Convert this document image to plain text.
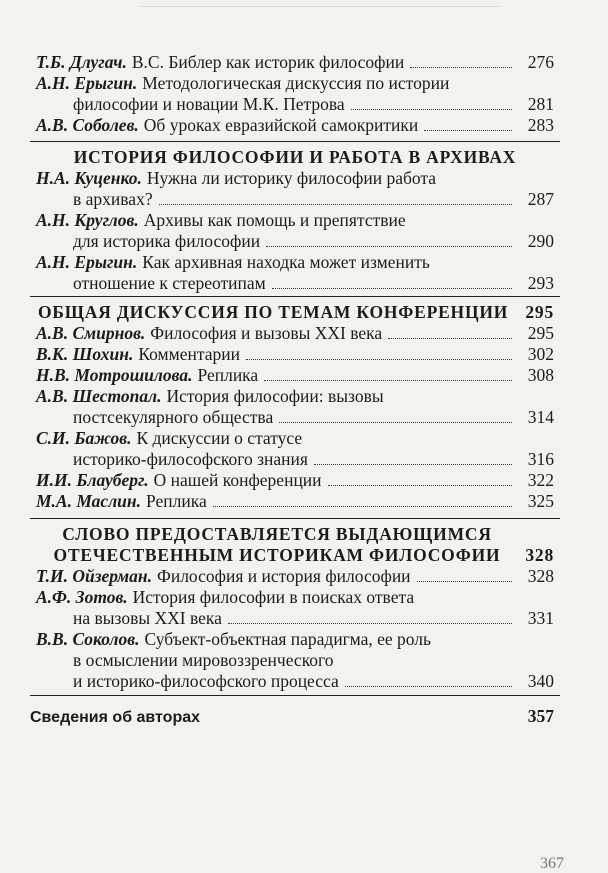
Т.Б. Длугач. В.С. Библер как историк философии	276
А.Н. Ерыгин. Методологическая дискуссия по истории
философии и новации М.К. Петрова	281
А.В. Соболев. Об уроках евразийской самокритики	283
ИСТОРИЯ ФИЛОСОФИИ И РАБОТА В АРХИВАХ
Н.А. Куценко. Нужна ли историку философии работа
в архивах?	287
А.Н. Круглов. Архивы как помощь и препятствие
для историка философии	290
А.Н. Ерыгин. Как архивная находка может изменить
отношение к стереотипам	293
ОБЩАЯ ДИСКУССИЯ ПО ТЕМАМ КОНФЕРЕНЦИИ 295
А.В. Смирнов. Философия и вызовы XXI века	295
В.К. Шохин. Комментарии	302
Н.В. Мотрошилова. Реплика	308
А.В. Шестопал. История философии: вызовы
постсекулярного общества	314
С.И. Бажов. К дискуссии о статусе
историко-философского знания	316
И.И. Блауберг. О нашей конференции	322
М.А. Маслин. Реплика	325
СЛОВО ПРЕДОСТАВЛЯЕТСЯ ВЫДАЮЩИМСЯ
ОТЕЧЕСТВЕННЫМ ИСТОРИКАМ ФИЛОСОФИИ	328
Т.И. Ойзерман. Философия и история философии	328
А.Ф. Зотов. История философии в поисках ответа
на вызовы XXI века	331
В.В. Соколов. Субъект-объектная парадигма, ее роль
в осмыслении мировоззренческого
и историко-философского процесса	340
Сведения об авторах	357
367
